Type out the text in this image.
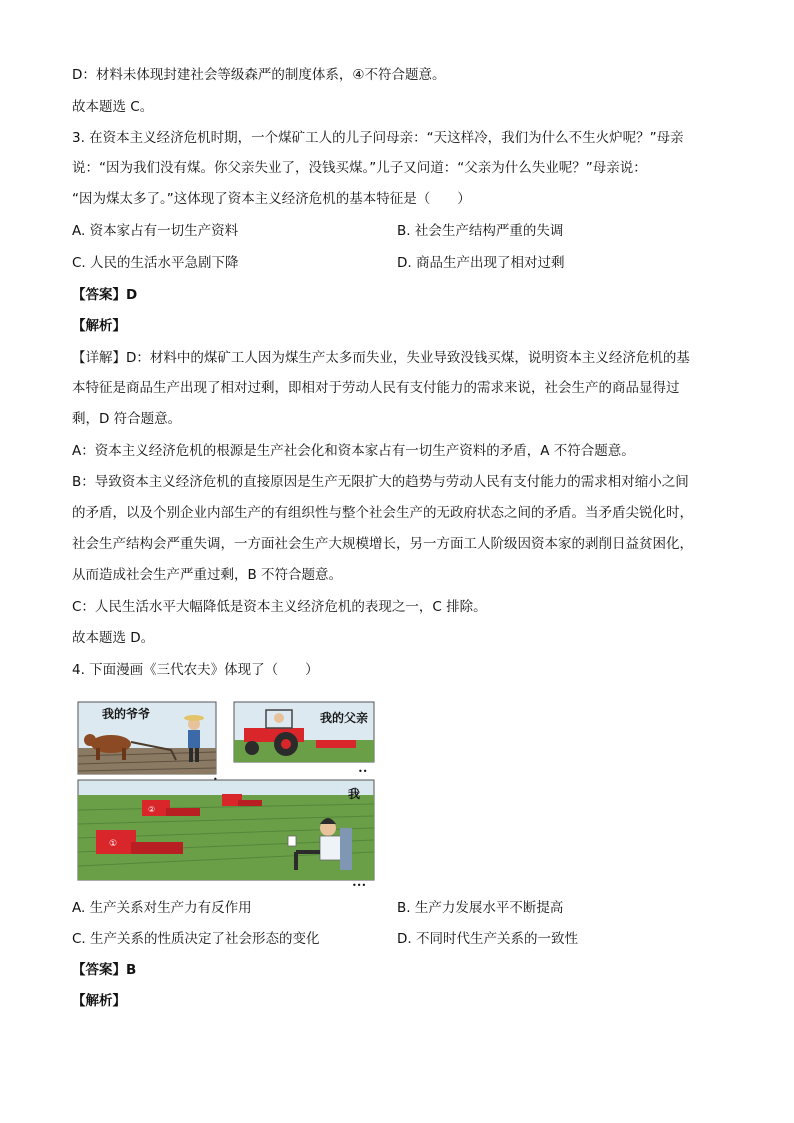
D：材料未体现封建社会等级森严的制度体系，④不符合题意。
故本题选 C。
3. 在资本主义经济危机时期，一个煤矿工人的儿子问母亲：“天这样冷，我们为什么不生火炉呢？”母亲
说：“因为我们没有煤。你父亲失业了，没钱买煤。”儿子又问道：“父亲为什么失业呢？”母亲说：
“因为煤太多了。”这体现了资本主义经济危机的基本特征是（　　）
A. 资本家占有一切生产资料	B. 社会生产结构严重的失调
C. 人民的生活水平急剧下降	D. 商品生产出现了相对过剩
【答案】D
【解析】
【详解】D：材料中的煤矿工人因为煤生产太多而失业，失业导致没钱买煤，说明资本主义经济危机的基
本特征是商品生产出现了相对过剩，即相对于劳动人民有支付能力的需求来说，社会生产的商品显得过
剩，D 符合题意。
A：资本主义经济危机的根源是生产社会化和资本家占有一切生产资料的矛盾，A 不符合题意。
B：导致资本主义经济危机的直接原因是生产无限扩大的趋势与劳动人民有支付能力的需求相对缩小之间
的矛盾，以及个别企业内部生产的有组织性与整个社会生产的无政府状态之间的矛盾。当矛盾尖锐化时，
社会生产结构会严重失调，一方面社会生产大规模增长，另一方面工人阶级因资本家的剥削日益贫困化，
从而造成社会生产严重过剩，B 不符合题意。
C：人民生活水平大幅降低是资本主义经济危机的表现之一，C 排除。
故本题选 D。
4. 下面漫画《三代农夫》体现了（　　）
我的爷爷	我的父亲
••
①
②
我
•••
A. 生产关系对生产力有反作用	B. 生产力发展水平不断提高
C. 生产关系的性质决定了社会形态的变化	D. 不同时代生产关系的一致性
【答案】B
【解析】
